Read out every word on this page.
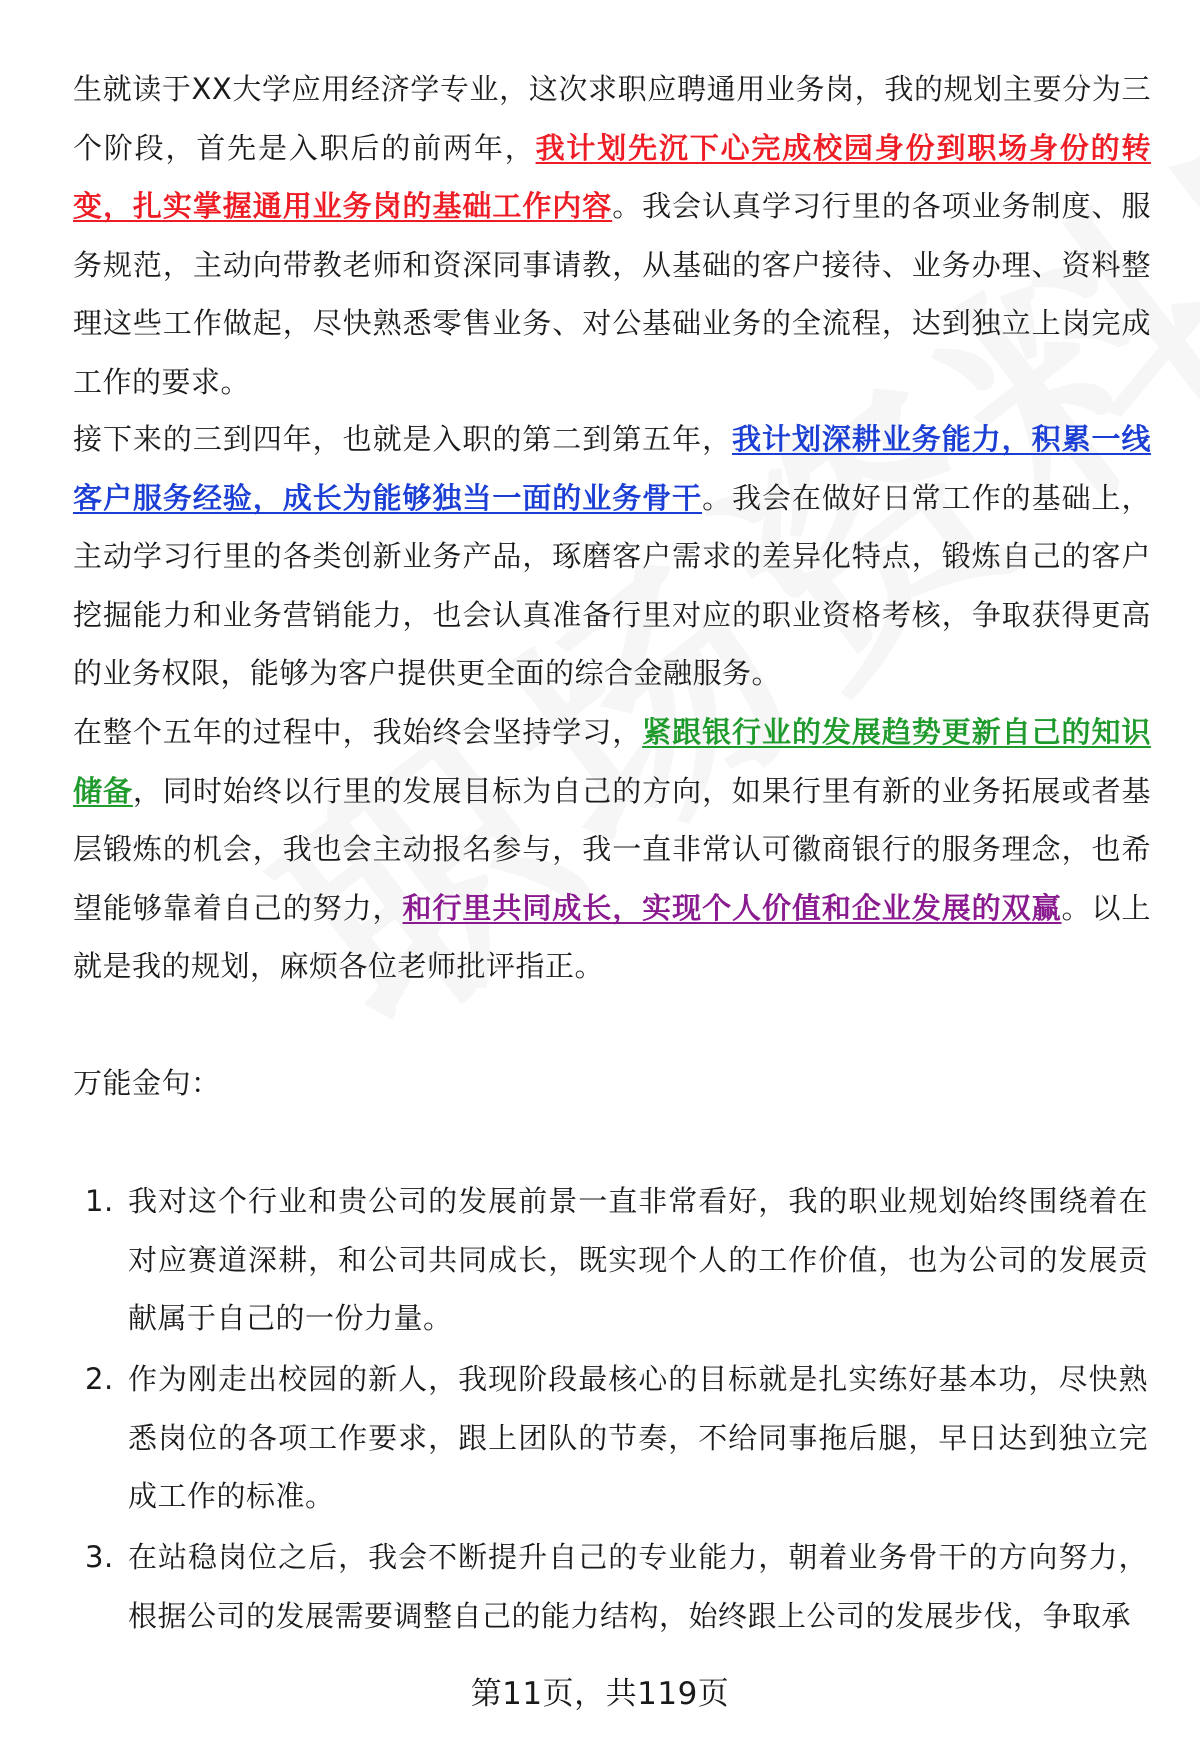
生就读于XX大学应用经济学专业，这次求职应聘通用业务岗，我的规划主要分为三个阶段，首先是入职后的前两年，我计划先沉下心完成校园身份到职场身份的转变，扎实掌握通用业务岗的基础工作内容。我会认真学习行里的各项业务制度、服务规范，主动向带教老师和资深同事请教，从基础的客户接待、业务办理、资料整理这些工作做起，尽快熟悉零售业务、对公基础业务的全流程，达到独立上岗完成工作的要求。

接下来的三到四年，也就是入职的第二到第五年，我计划深耕业务能力，积累一线客户服务经验，成长为能够独当一面的业务骨干。我会在做好日常工作的基础上，主动学习行里的各类创新业务产品，琢磨客户需求的差异化特点，锻炼自己的客户挖掘能力和业务营销能力，也会认真准备行里对应的职业资格考核，争取获得更高的业务权限，能够为客户提供更全面的综合金融服务。

在整个五年的过程中，我始终会坚持学习，紧跟银行业的发展趋势更新自己的知识储备，同时始终以行里的发展目标为自己的方向，如果行里有新的业务拓展或者基层锻炼的机会，我也会主动报名参与，我一直非常认可徽商银行的服务理念，也希望能够靠着自己的努力，和行里共同成长，实现个人价值和企业发展的双赢。以上就是我的规划，麻烦各位老师批评指正。

万能金句：

1. 我对这个行业和贵公司的发展前景一直非常看好，我的职业规划始终围绕着在对应赛道深耕，和公司共同成长，既实现个人的工作价值，也为公司的发展贡献属于自己的一份力量。
2. 作为刚走出校园的新人，我现阶段最核心的目标就是扎实练好基本功，尽快熟悉岗位的各项工作要求，跟上团队的节奏，不给同事拖后腿，早日达到独立完成工作的标准。
3. 在站稳岗位之后，我会不断提升自己的专业能力，朝着业务骨干的方向努力，根据公司的发展需要调整自己的能力结构，始终跟上公司的发展步伐，争取承
第11页，共119页
